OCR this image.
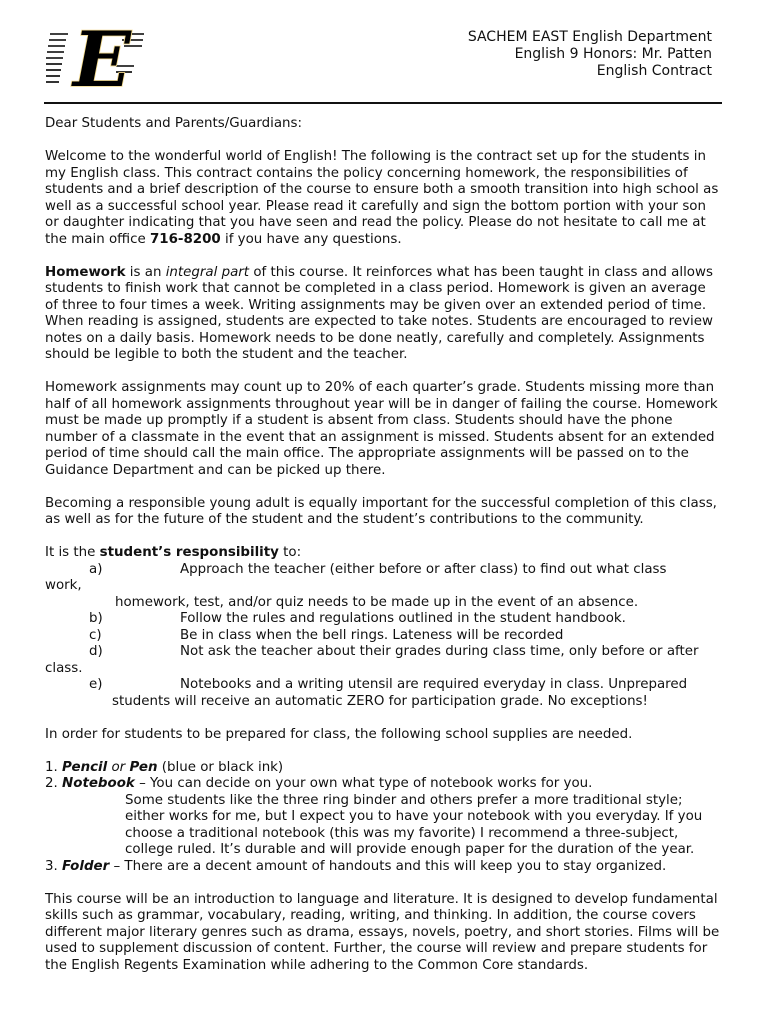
E	SACHEM EAST English Department
English 9 Honors: Mr. Patten
English Contract

Dear Students and Parents/Guardians:

Welcome to the wonderful world of English! The following is the contract set up for the students in my English class. This contract contains the policy concerning homework, the responsibilities of students and a brief description of the course to ensure both a smooth transition into high school as well as a successful school year. Please read it carefully and sign the bottom portion with your son or daughter indicating that you have seen and read the policy. Please do not hesitate to call me at the main office 716-8200 if you have any questions.

Homework is an integral part of this course. It reinforces what has been taught in class and allows students to finish work that cannot be completed in a class period. Homework is given an average of three to four times a week. Writing assignments may be given over an extended period of time. When reading is assigned, students are expected to take notes. Students are encouraged to review notes on a daily basis. Homework needs to be done neatly, carefully and completely. Assignments should be legible to both the student and the teacher.

Homework assignments may count up to 20% of each quarter’s grade. Students missing more than half of all homework assignments throughout year will be in danger of failing the course. Homework must be made up promptly if a student is absent from class. Students should have the phone number of a classmate in the event that an assignment is missed. Students absent for an extended period of time should call the main office. The appropriate assignments will be passed on to the Guidance Department and can be picked up there.

Becoming a responsible young adult is equally important for the successful completion of this class, as well as for the future of the student and the student’s contributions to the community.

It is the student’s responsibility to:

a)	Approach the teacher (either before or after class) to find out what class
work,
homework, test, and/or quiz needs to be made up in the event of an absence.
b)	Follow the rules and regulations outlined in the student handbook.
c)	Be in class when the bell rings. Lateness will be recorded
d)	Not ask the teacher about their grades during class time, only before or after
class.
e)	Notebooks and a writing utensil are required everyday in class. Unprepared
students will receive an automatic ZERO for participation grade. No exceptions!

In order for students to be prepared for class, the following school supplies are needed.

1. Pencil or Pen (blue or black ink)

2. Notebook – You can decide on your own what type of notebook works for you.

Some students like the three ring binder and others prefer a more traditional style; either works for me, but I expect you to have your notebook with you everyday. If you choose a traditional notebook (this was my favorite) I recommend a three-subject, college ruled. It’s durable and will provide enough paper for the duration of the year.

3. Folder – There are a decent amount of handouts and this will keep you to stay organized.

This course will be an introduction to language and literature. It is designed to develop fundamental skills such as grammar, vocabulary, reading, writing, and thinking. In addition, the course covers different major literary genres such as drama, essays, novels, poetry, and short stories. Films will be used to supplement discussion of content. Further, the course will review and prepare students for the English Regents Examination while adhering to the Common Core standards.
